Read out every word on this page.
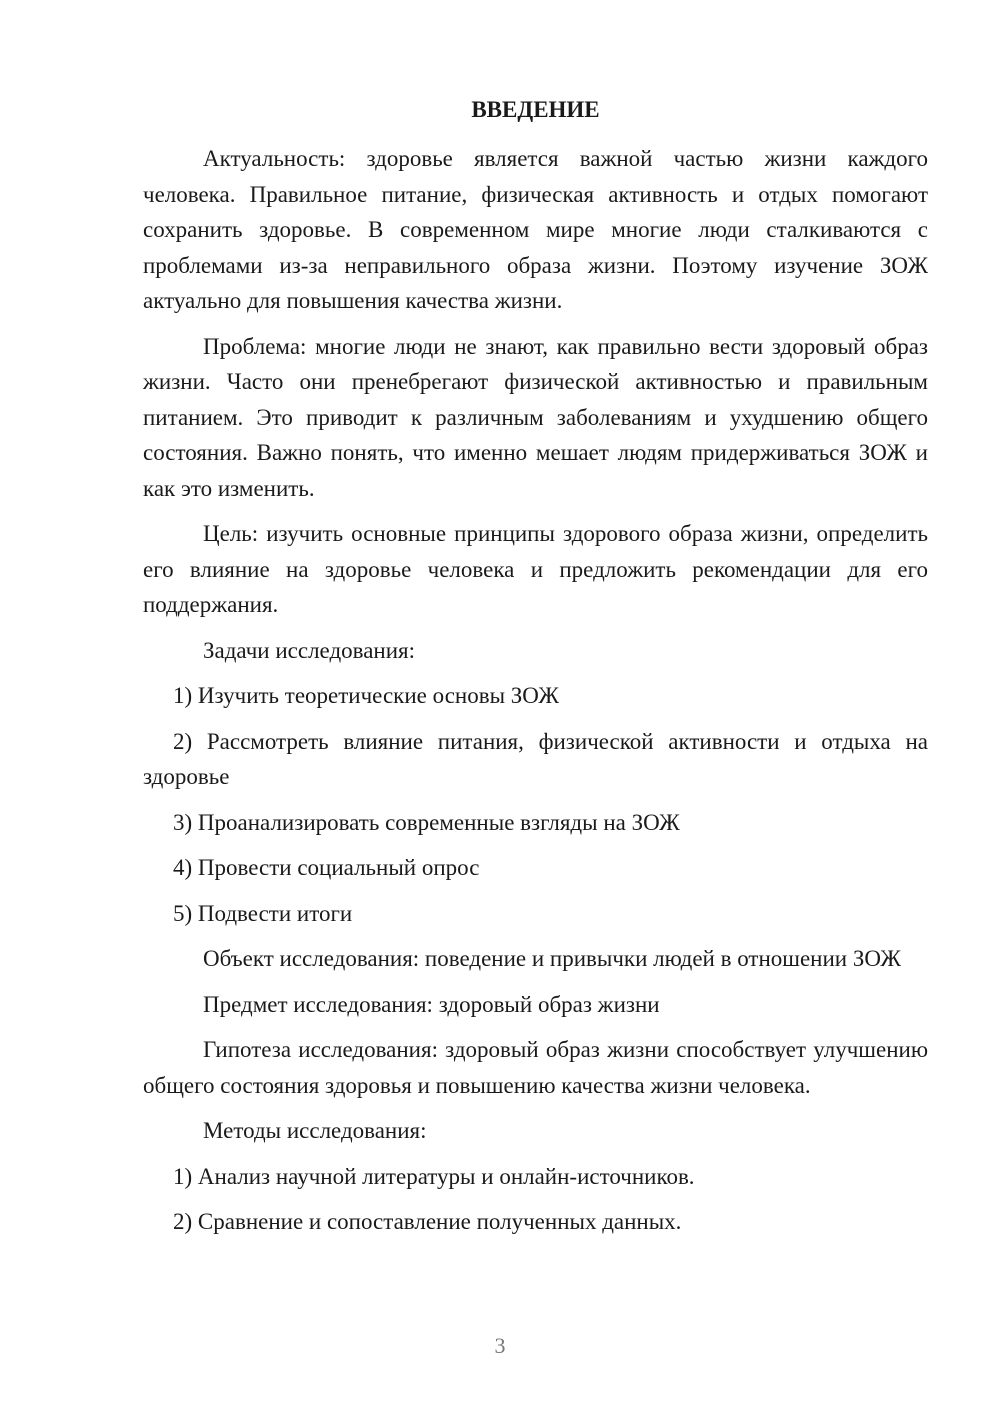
ВВЕДЕНИЕ

Актуальность: здоровье является важной частью жизни каждого человека. Правильное питание, физическая активность и отдых помогают сохранить здоровье. В современном мире многие люди сталкиваются с проблемами из-за неправильного образа жизни. Поэтому изучение ЗОЖ актуально для повышения качества жизни.

Проблема: многие люди не знают, как правильно вести здоровый образ жизни. Часто они пренебрегают физической активностью и правильным питанием. Это приводит к различным заболеваниям и ухудшению общего состояния. Важно понять, что именно мешает людям придерживаться ЗОЖ и как это изменить.

Цель: изучить основные принципы здорового образа жизни, определить его влияние на здоровье человека и предложить рекомендации для его поддержания.

Задачи исследования:

1) Изучить теоретические основы ЗОЖ

2) Рассмотреть влияние питания, физической активности и отдыха на здоровье

3) Проанализировать современные взгляды на ЗОЖ

4) Провести социальный опрос

5) Подвести итоги

Объект исследования: поведение и привычки людей в отношении ЗОЖ

Предмет исследования: здоровый образ жизни

Гипотеза исследования: здоровый образ жизни способствует улучшению общего состояния здоровья и повышению качества жизни человека.

Методы исследования:

1) Анализ научной литературы и онлайн-источников.

2) Сравнение и сопоставление полученных данных.

3
